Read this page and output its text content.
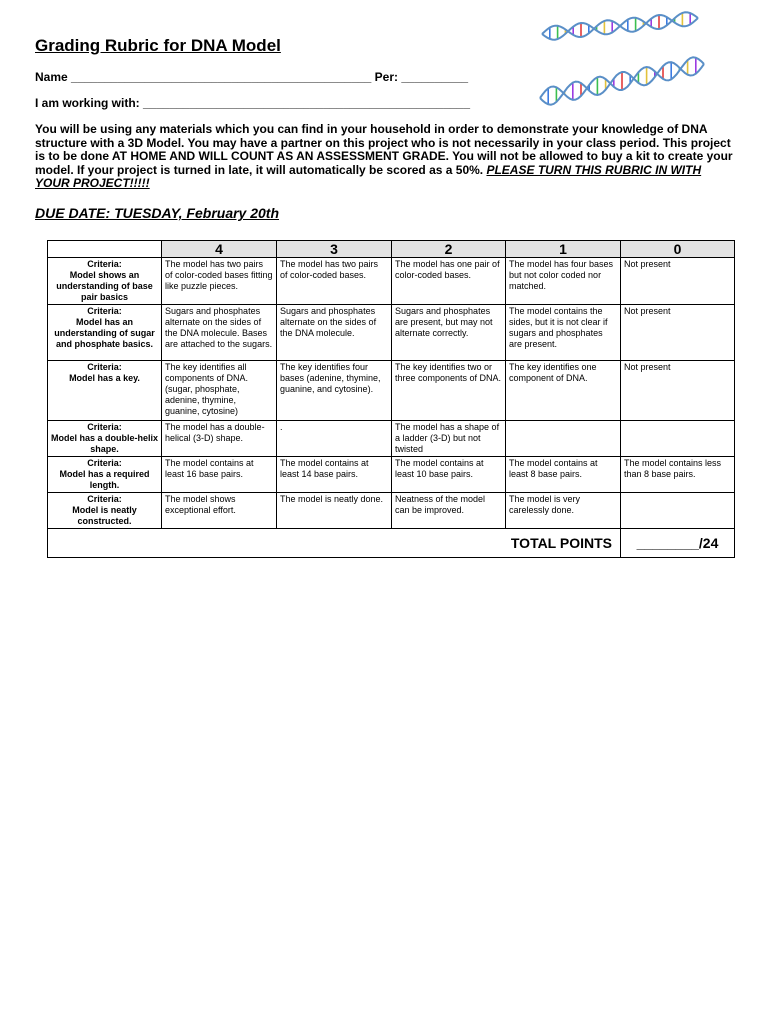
Grading Rubric for DNA Model
Name _____________________________________________ Per: __________
I am working with: _________________________________________________
You will be using any materials which you can find in your household in order to demonstrate your knowledge of DNA structure with a 3D Model. You may have a partner on this project who is not necessarily in your class period. This project is to be done AT HOME AND WILL COUNT AS AN ASSESSMENT GRADE. You will not be allowed to buy a kit to create your model. If your project is turned in late, it will automatically be scored as a 50%. PLEASE TURN THIS RUBRIC IN WITH YOUR PROJECT!!!!!
DUE DATE: TUESDAY, February 20th
	4	3	2	1	0
Criteria:
Model shows an understanding of base pair basics	The model has two pairs of color-coded bases fitting like puzzle pieces.	The model has two pairs of color-coded bases.	The model has one pair of color-coded bases.	The model has four bases but not color coded nor matched.	Not present
Criteria:
Model has an understanding of sugar and phosphate basics.	Sugars and phosphates alternate on the sides of the DNA molecule. Bases are attached to the sugars.	Sugars and phosphates alternate on the sides of the DNA molecule.	Sugars and phosphates are present, but may not alternate correctly.	The model contains the sides, but it is not clear if sugars and phosphates are present.	Not present
Criteria:
Model has a key.	The key identifies all components of DNA. (sugar, phosphate, adenine, thymine, guanine, cytosine)	The key identifies four bases (adenine, thymine, guanine, and cytosine).	The key identifies two or three components of DNA.	The key identifies one component of DNA.	Not present
Criteria:
Model has a double-helix shape.	The model has a double-helical (3-D) shape.	.	The model has a shape of a ladder (3-D) but not twisted		
Criteria:
Model has a required length.	The model contains at least 16 base pairs.	The model contains at least 14 base pairs.	The model contains at least 10 base pairs.	The model contains at least 8 base pairs.	The model contains less than 8 base pairs.
Criteria:
Model is neatly constructed.	The model shows exceptional effort.	The model is neatly done.	Neatness of the model can be improved.	The model is very carelessly done.	
TOTAL POINTS					________/24
